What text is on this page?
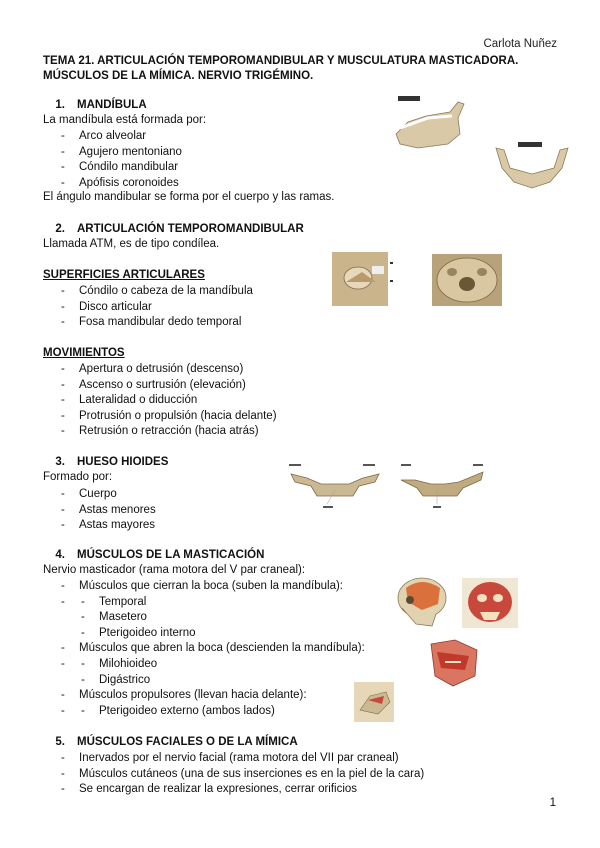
Carlota Nuñez
TEMA 21. ARTICULACIÓN TEMPOROMANDIBULAR Y MUSCULATURA MASTICADORA. MÚSCULOS DE LA MÍMICA. NERVIO TRIGÉMINO.
1. MANDÍBULA
La mandíbula está formada por:
- Arco alveolar
- Agujero mentoniano
- Cóndilo mandibular
- Apófisis coronoides
El ángulo mandibular se forma por el cuerpo y las ramas.
2. ARTICULACIÓN TEMPOROMANDIBULAR
Llamada ATM, es de tipo condílea.
SUPERFICIES ARTICULARES
- Cóndilo o cabeza de la mandíbula
- Disco articular
- Fosa mandibular dedo temporal
MOVIMIENTOS
- Apertura o detrusión (descenso)
- Ascenso o surtrusión (elevación)
- Lateralidad o diducción
- Protrusión o propulsión (hacia delante)
- Retrusión o retracción (hacia atrás)
3. HUESO HIOIDES
Formado por:
- Cuerpo
- Astas menores
- Astas mayores
4. MÚSCULOS DE LA MASTICACIÓN
Nervio masticador (rama motora del V par craneal):
- Músculos que cierran la boca (suben la mandíbula):
- - Temporal
- Masetero
- Pterigoideo interno
- Músculos que abren la boca (descienden la mandíbula):
- - Milohioideo
- Digástrico
- Músculos propulsores (llevan hacia delante):
- - Pterigoideo externo (ambos lados)
5. MÚSCULOS FACIALES O DE LA MÍMICA
- Inervados por el nervio facial (rama motora del VII par craneal)
- Músculos cutáneos (una de sus inserciones es en la piel de la cara)
- Se encargan de realizar la expresiones, cerrar orificios
1
